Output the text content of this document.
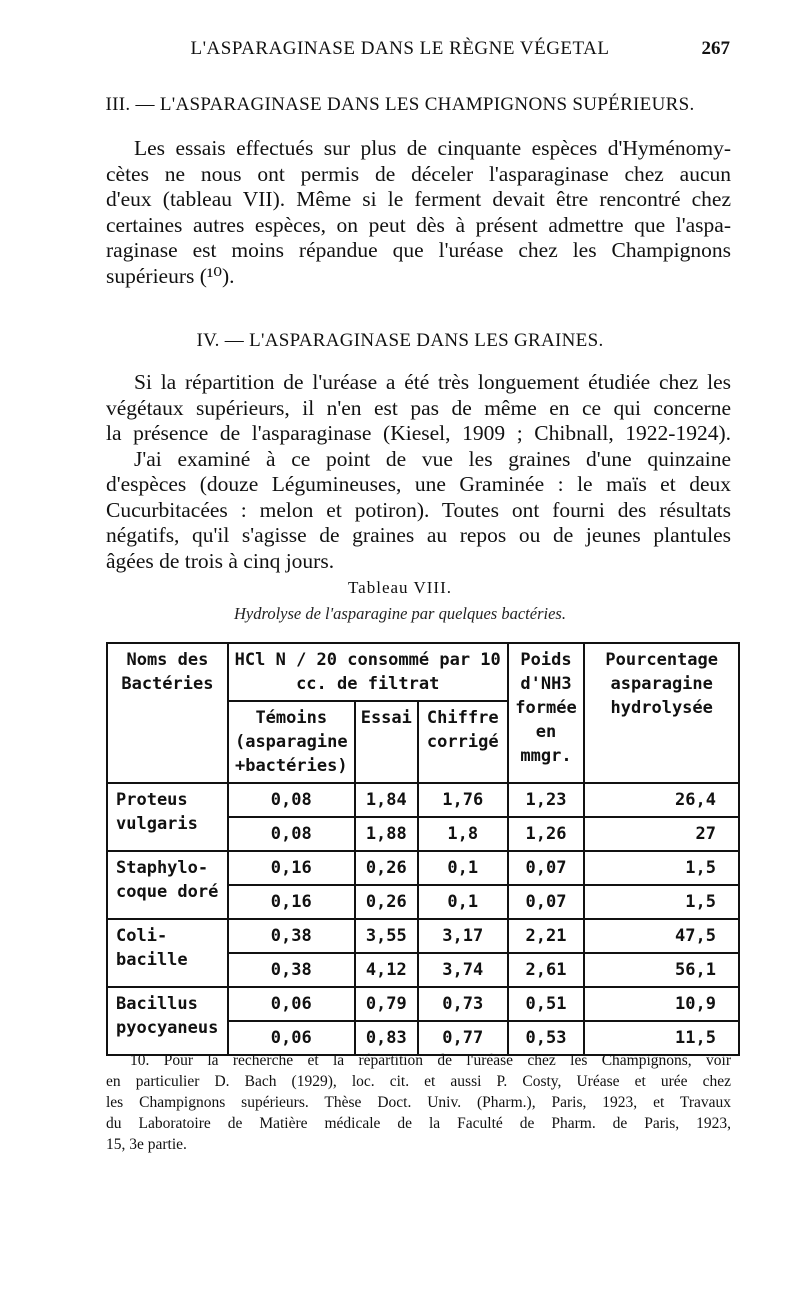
L'ASPARAGINASE DANS LE RÈGNE VÉGETAL	267
III. — L'ASPARAGINASE DANS LES CHAMPIGNONS SUPÉRIEURS.
Les essais effectués sur plus de cinquante espèces d'Hyménomy-
cètes ne nous ont permis de déceler l'asparaginase chez aucun
d'eux (tableau VII). Même si le ferment devait être rencontré chez
certaines autres espèces, on peut dès à présent admettre que l'aspa-
raginase est moins répandue que l'uréase chez les Champignons
supérieurs (¹⁰).
IV. — L'ASPARAGINASE DANS LES GRAINES.
Si la répartition de l'uréase a été très longuement étudiée chez les
végétaux supérieurs, il n'en est pas de même en ce qui concerne
la présence de l'asparaginase (Kiesel, 1909 ; Chibnall, 1922-1924).
J'ai examiné à ce point de vue les graines d'une quinzaine
d'espèces (douze Légumineuses, une Graminée : le maïs et deux
Cucurbitacées : melon et potiron). Toutes ont fourni des résultats
négatifs, qu'il s'agisse de graines au repos ou de jeunes plantules
âgées de trois à cinq jours.
Tableau VIII.
Hydrolyse de l'asparagine par quelques bactéries.
Noms des Bactéries	HCl N / 20 consommé par 10 cc. de filtrat			Poids d'NH3 formée en mmgr.	Pourcentage asparagine hydrolysée
	Témoins (asparagine +bactéries)	Essai	Chiffre corrigé		
Proteus vulgaris	0,08	1,84	1,76	1,23	26,4
	0,08	1,88	1,8	1,26	27
Staphylo- coque doré	0,16	0,26	0,1	0,07	1,5
	0,16	0,26	0,1	0,07	1,5
Coli- bacille	0,38	3,55	3,17	2,21	47,5
	0,38	4,12	3,74	2,61	56,1
Bacillus pyocyaneus	0,06	0,79	0,73	0,51	10,9
	0,06	0,83	0,77	0,53	11,5
10. Pour la recherche et la répartition de l'uréase chez les Champignons, voir
en particulier D. Bach (1929), loc. cit. et aussi P. Costy, Uréase et urée chez
les Champignons supérieurs. Thèse Doct. Univ. (Pharm.), Paris, 1923, et Travaux
du Laboratoire de Matière médicale de la Faculté de Pharm. de Paris, 1923,
15, 3e partie.
